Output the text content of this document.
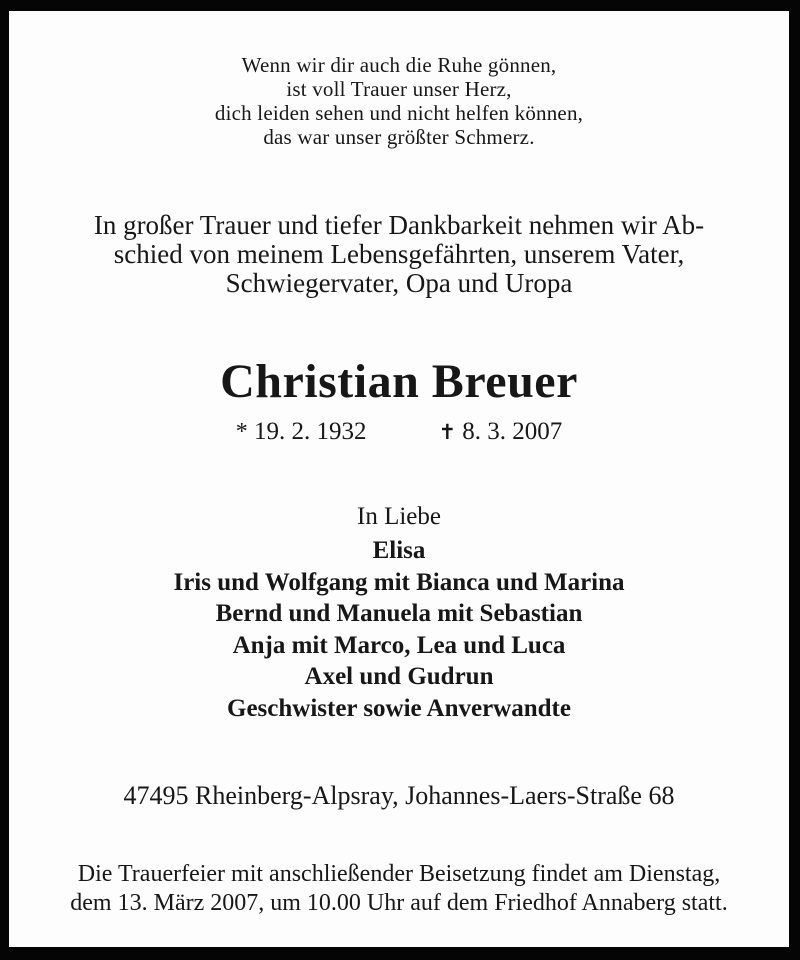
Wenn wir dir auch die Ruhe gönnen,
ist voll Trauer unser Herz,
dich leiden sehen und nicht helfen können,
das war unser größter Schmerz.
In großer Trauer und tiefer Dankbarkeit nehmen wir Ab-
schied von meinem Lebensgefährten, unserem Vater,
Schwiegervater, Opa und Uropa
Christian Breuer
* 19. 2. 1932	✝ 8. 3. 2007
In Liebe
Elisa
Iris und Wolfgang mit Bianca und Marina
Bernd und Manuela mit Sebastian
Anja mit Marco, Lea und Luca
Axel und Gudrun
Geschwister sowie Anverwandte
47495 Rheinberg-Alpsray, Johannes-Laers-Straße 68
Die Trauerfeier mit anschließender Beisetzung findet am Dienstag,
dem 13. März 2007, um 10.00 Uhr auf dem Friedhof Annaberg statt.
